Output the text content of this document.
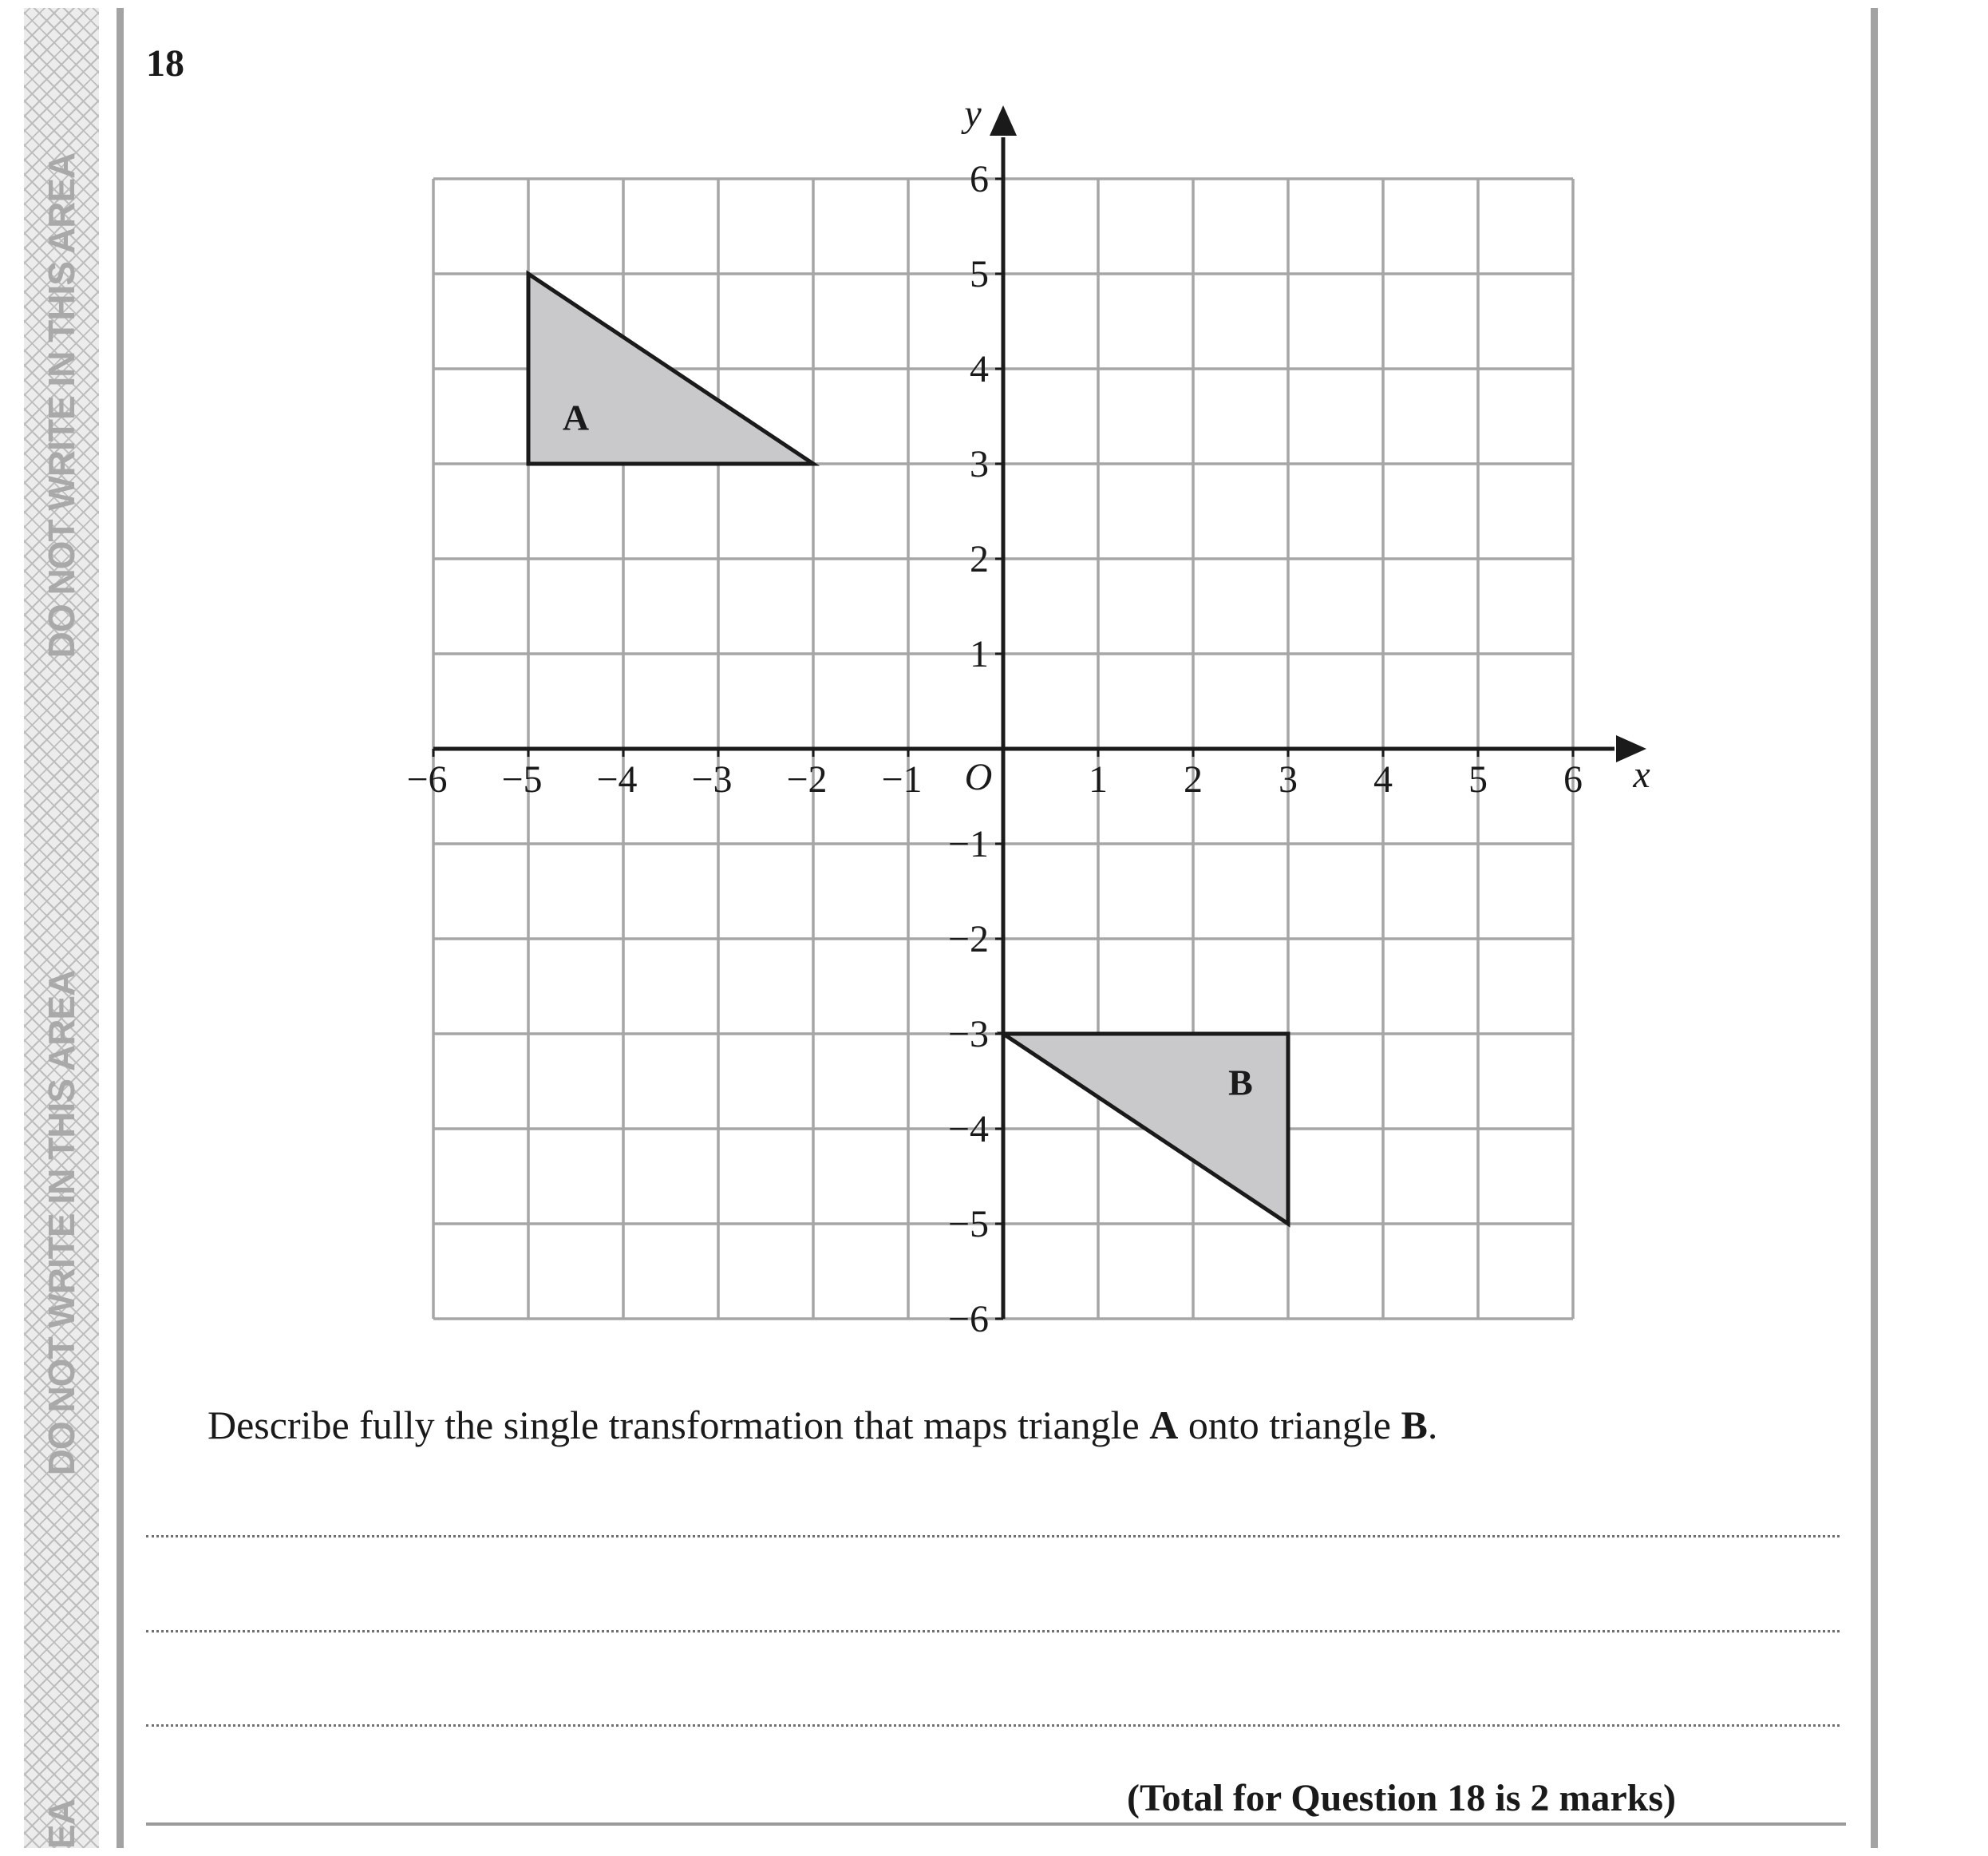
DO NOT WRITE IN THIS AREA
DO NOT WRITE IN THIS AREA
EA
18
A
B
−6 −5 −4 −3 −2 −1	1 2 3 4 5 6
−6
−5
−4
−3
−2
−1
1
2
3
4
5
6
O	x
y
Describe fully the single transformation that maps triangle A onto triangle B.
(Total for Question 18 is 2 marks)
